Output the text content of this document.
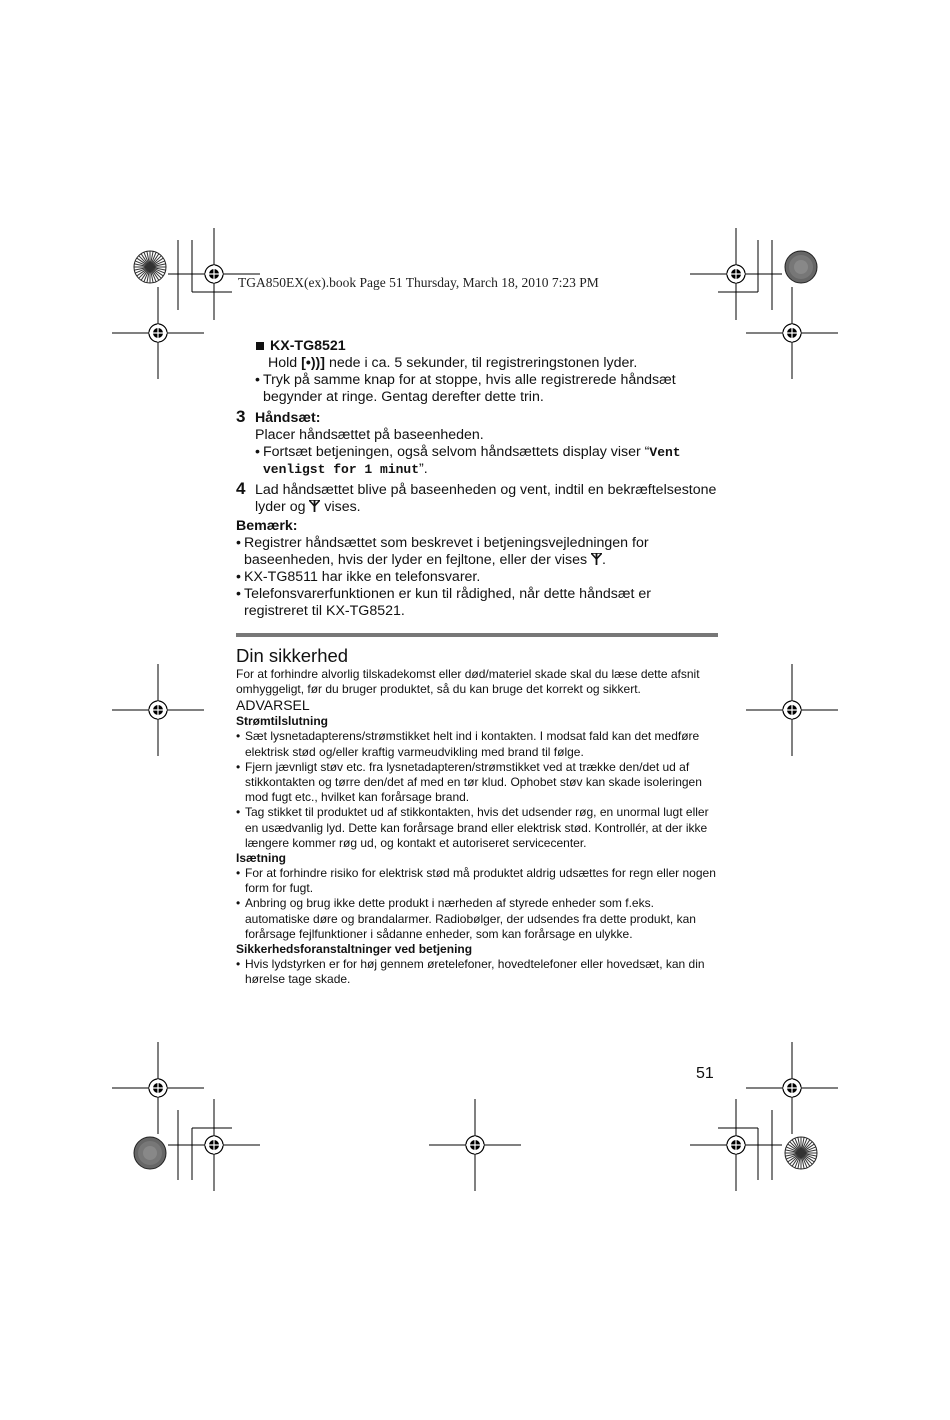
TGA850EX(ex).book Page 51 Thursday, March 18, 2010 7:23 PM

KX-TG8521

Hold [•))] nede i ca. 5 sekunder, til registreringstonen lyder.

• Tryk på samme knap for at stoppe, hvis alle registrerede håndsæt begynder at ringe. Gentag derefter dette trin.
3 Håndsæt:

Placer håndsættet på baseenheden.

• Fortsæt betjeningen, også selvom håndsættets display viser “Vent venligst for 1 minut”.
4 Lad håndsættet blive på baseenheden og vent, indtil en bekræftelsestone lyder og  vises.

Bemærk:

• Registrer håndsættet som beskrevet i betjeningsvejledningen for baseenheden, hvis der lyder en fejltone, eller der vises .
• KX-TG8511 har ikke en telefonsvarer.
• Telefonsvarerfunktionen er kun til rådighed, når dette håndsæt er registreret til KX-TG8521.

Din sikkerhed

For at forhindre alvorlig tilskadekomst eller død/materiel skade skal du læse dette afsnit omhyggeligt, før du bruger produktet, så du kan bruge det korrekt og sikkert.

ADVARSEL

Strømtilslutning

• Sæt lysnetadapterens/strømstikket helt ind i kontakten. I modsat fald kan det medføre elektrisk stød og/eller kraftig varmeudvikling med brand til følge.
• Fjern jævnligt støv etc. fra lysnetadapteren/strømstikket ved at trække den/det ud af stikkontakten og tørre den/det af med en tør klud. Ophobet støv kan skade isoleringen mod fugt etc., hvilket kan forårsage brand.
• Tag stikket til produktet ud af stikkontakten, hvis det udsender røg, en unormal lugt eller en usædvanlig lyd. Dette kan forårsage brand eller elektrisk stød. Kontrollér, at der ikke længere kommer røg ud, og kontakt et autoriseret servicecenter.

Isætning

• For at forhindre risiko for elektrisk stød må produktet aldrig udsættes for regn eller nogen form for fugt.
• Anbring og brug ikke dette produkt i nærheden af styrede enheder som f.eks. automatiske døre og brandalarmer. Radiobølger, der udsendes fra dette produkt, kan forårsage fejlfunktioner i sådanne enheder, som kan forårsage en ulykke.

Sikkerhedsforanstaltninger ved betjening

• Hvis lydstyrken er for høj gennem øretelefoner, hovedtelefoner eller hovedsæt, kan din hørelse tage skade.
51
